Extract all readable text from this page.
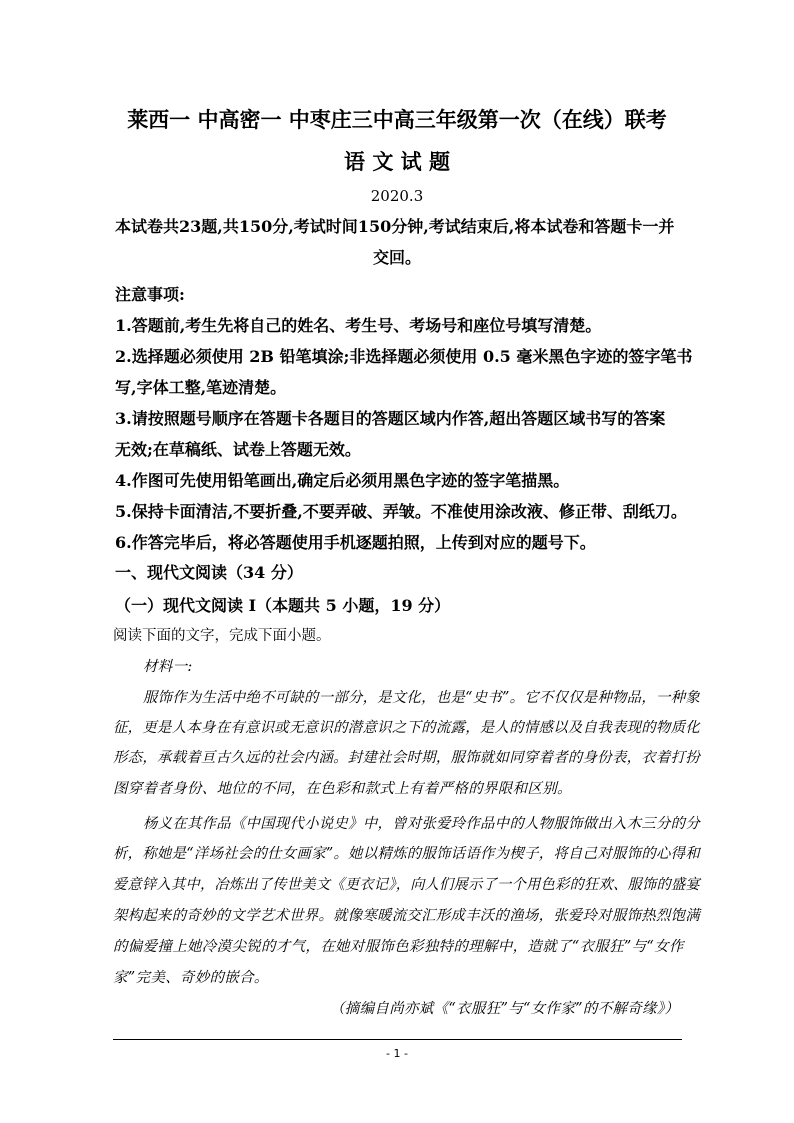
莱西一 中高密一 中枣庄三中高三年级第一次（在线）联考
语 文 试 题
2020.3
本试卷共23题,共150分,考试时间150分钟,考试结束后,将本试卷和答题卡一并
交回。
注意事项:
1.答题前,考生先将自己的姓名、考生号、考场号和座位号填写清楚。
2.选择题必须使用 2B 铅笔填涂;非选择题必须使用 0.5 毫米黑色字迹的签字笔书
写,字体工整,笔迹清楚。
3.请按照题号顺序在答题卡各题目的答题区域内作答,超出答题区域书写的答案
无效;在草稿纸、试卷上答题无效。
4.作图可先使用铅笔画出,确定后必须用黑色字迹的签字笔描黑。
5.保持卡面清洁,不要折叠,不要弄破、弄皱。不准使用涂改液、修正带、刮纸刀。
6.作答完毕后，将必答题使用手机逐题拍照，上传到对应的题号下。
一、现代文阅读（34 分）
（一）现代文阅读 I（本题共 5 小题，19 分）
阅读下面的文字，完成下面小题。
材料一:
服饰作为生活中绝不可缺的一部分，是文化，也是“史书”。它不仅仅是种物品，一种象
征，更是人本身在有意识或无意识的潜意识之下的流露，是人的情感以及自我表现的物质化
形态，承载着亘古久远的社会内涵。封建社会时期，服饰就如同穿着者的身份表，衣着打扮
图穿着者身份、地位的不同，在色彩和款式上有着严格的界限和区别。
杨义在其作品《中国现代小说史》中，曾对张爱玲作品中的人物服饰做出入木三分的分
析，称她是“洋场社会的仕女画家”。她以精炼的服饰话语作为楔子，将自己对服饰的心得和
爱意锌入其中，冶炼出了传世美文《更衣记》，向人们展示了一个用色彩的狂欢、服饰的盛宴
架构起来的奇妙的文学艺术世界。就像寒暖流交汇形成丰沃的渔场，张爱玲对服饰热烈饱满
的偏爱撞上她冷漠尖锐的才气，在她对服饰色彩独特的理解中，造就了“衣服狂”与“女作
家”完美、奇妙的嵌合。
（摘编自尚亦斌《“衣服狂”与“女作家”的不解奇缘》）
- 1 -
